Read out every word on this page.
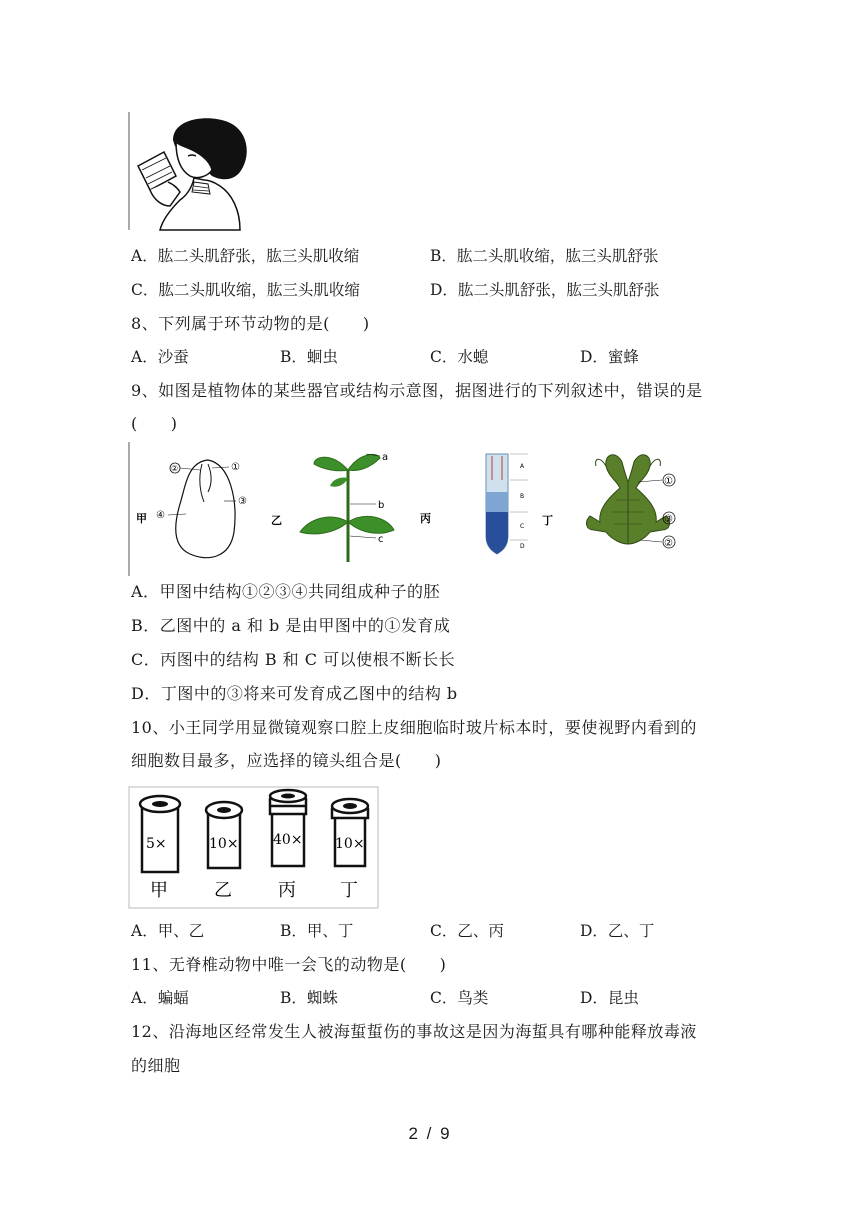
A．肱二头肌舒张，肱三头肌收缩	B．肱二头肌收缩，肱三头肌舒张
C．肱二头肌收缩，肱三头肌收缩	D．肱二头肌舒张，肱三头肌舒张
8、下列属于环节动物的是(　　)
A．沙蚕	B．蛔虫	C．水螅	D．蜜蜂
9、如图是植物体的某些器官或结构示意图，据图进行的下列叙述中，错误的是
(　　)
甲
②	①
③
④	乙
a
b
c
丙
A
B
C
D
丁
①
③
②
A．甲图中结构①②③④共同组成种子的胚
B．乙图中的 a 和 b 是由甲图中的①发育成
C．丙图中的结构 B 和 C 可以使根不断长长
D．丁图中的③将来可发育成乙图中的结构 b
10、小王同学用显微镜观察口腔上皮细胞临时玻片标本时，要使视野内看到的
细胞数目最多，应选择的镜头组合是(　　)
5×
甲
10×
乙
40×
丙
10×
丁
A．甲、乙	B．甲、丁	C．乙、丙	D．乙、丁
11、无脊椎动物中唯一会飞的动物是(　　)
A．蝙蝠	B．蜘蛛	C．鸟类	D．昆虫
12、沿海地区经常发生人被海蜇蜇伤的事故这是因为海蜇具有哪种能释放毒液
的细胞
2 / 9
